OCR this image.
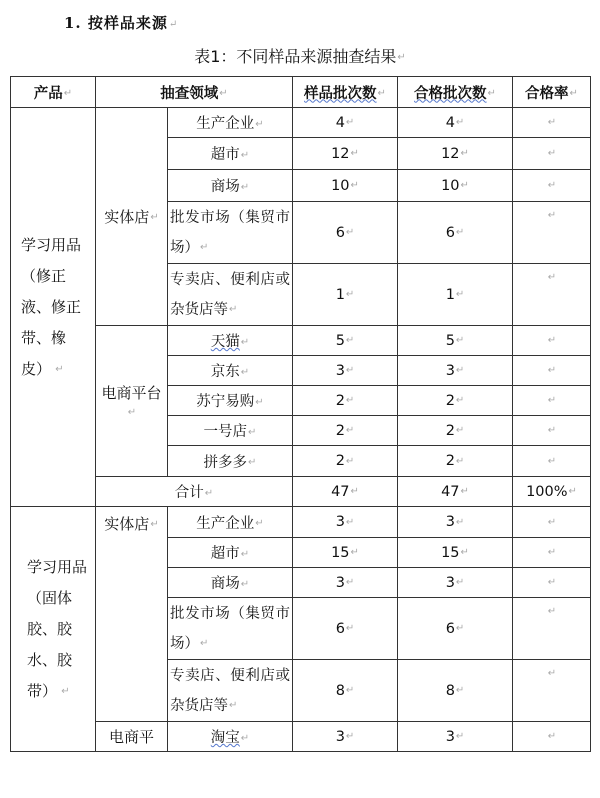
1. 按样品来源↵
表1：不同样品来源抽查结果↵
产品↵	抽查领域↵		样品批次数↵	合格批次数↵	合格率↵
学习用品（修正液、修正带、橡皮） ↵	实体店↵	生产企业↵	4↵	4↵	↵
		超市↵	12↵	12↵	↵
		商场↵	10↵	10↵	↵
		批发市场（集贸市场）↵	6↵	6↵	↵
		专卖店、便利店或杂货店等↵	1↵	1↵	↵
	电商平台↵	天猫↵	5↵	5↵	↵
		京东↵	3↵	3↵	↵
		苏宁易购↵	2↵	2↵	↵
		一号店↵	2↵	2↵	↵
		拼多多↵	2↵	2↵	↵
	合计↵		47↵	47↵	100%↵
学习用品（固体胶、胶水、胶带） ↵	实体店↵	生产企业↵	3↵	3↵	↵
		超市↵	15↵	15↵	↵
		商场↵	3↵	3↵	↵
		批发市场（集贸市场）↵	6↵	6↵	↵
		专卖店、便利店或杂货店等↵	8↵	8↵	↵
	电商平	淘宝↵	3↵	3↵	↵
